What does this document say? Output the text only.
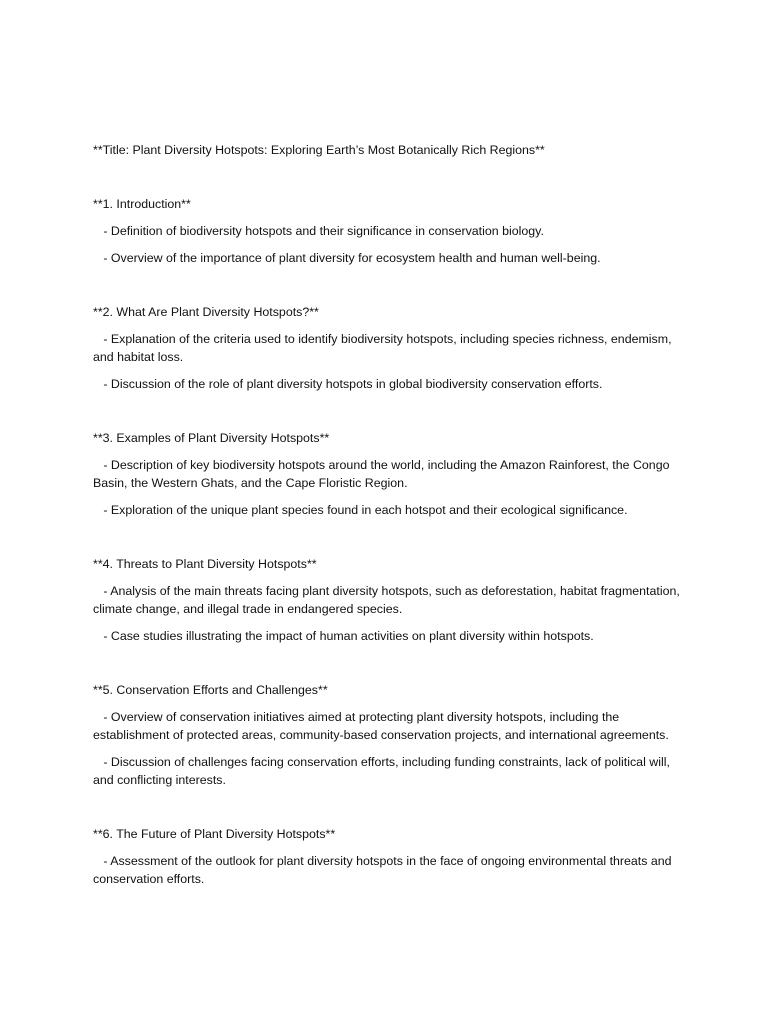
**Title: Plant Diversity Hotspots: Exploring Earth’s Most Botanically Rich Regions**
**1. Introduction**
- Definition of biodiversity hotspots and their significance in conservation biology.
- Overview of the importance of plant diversity for ecosystem health and human well-being.
**2. What Are Plant Diversity Hotspots?**
- Explanation of the criteria used to identify biodiversity hotspots, including species richness, endemism, and habitat loss.
- Discussion of the role of plant diversity hotspots in global biodiversity conservation efforts.
**3. Examples of Plant Diversity Hotspots**
- Description of key biodiversity hotspots around the world, including the Amazon Rainforest, the Congo Basin, the Western Ghats, and the Cape Floristic Region.
- Exploration of the unique plant species found in each hotspot and their ecological significance.
**4. Threats to Plant Diversity Hotspots**
- Analysis of the main threats facing plant diversity hotspots, such as deforestation, habitat fragmentation, climate change, and illegal trade in endangered species.
- Case studies illustrating the impact of human activities on plant diversity within hotspots.
**5. Conservation Efforts and Challenges**
- Overview of conservation initiatives aimed at protecting plant diversity hotspots, including the establishment of protected areas, community-based conservation projects, and international agreements.
- Discussion of challenges facing conservation efforts, including funding constraints, lack of political will, and conflicting interests.
**6. The Future of Plant Diversity Hotspots**
- Assessment of the outlook for plant diversity hotspots in the face of ongoing environmental threats and conservation efforts.
